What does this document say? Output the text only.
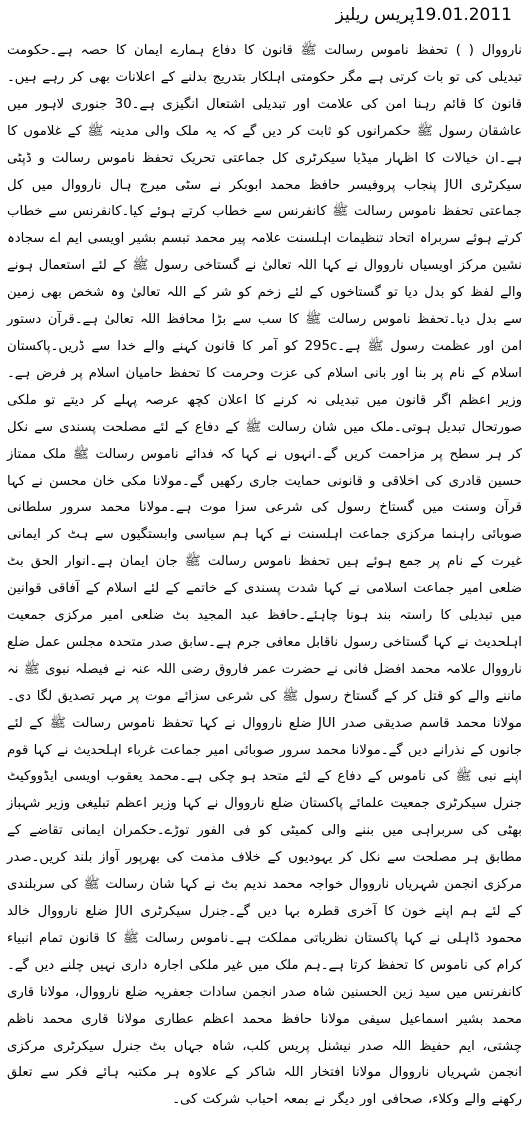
پریس ریلیز19.01.2011

نارووال ( ) تحفظ ناموس رسالت ﷺ قانون کا دفاع ہمارے ایمان کا حصہ ہے۔حکومت تبدیلی کی تو بات کرتی ہے مگر حکومتی اہلکار بتدریج بدلنے کے اعلانات بھی کر رہے ہیں۔قانون کا قائم رہنا امن کی علامت اور تبدیلی اشتعال انگیزی ہے۔30 جنوری لاہور میں عاشقان رسول ﷺ حکمرانوں کو ثابت کر دیں گے کہ یہ ملک والی مدینہ ﷺ کے غلاموں کا ہے۔ان خیالات کا اظہار میڈیا سیکرٹری کل جماعتی تحریک تحفظ ناموس رسالت و ڈپٹی سیکرٹری JUI پنجاب پروفیسر حافظ محمد ابوبکر نے سٹی میرج ہال نارووال میں کل جماعتی تحفظ ناموس رسالت ﷺ کانفرنس سے خطاب کرتے ہوئے کیا۔کانفرنس سے خطاب کرتے ہوئے سربراہ اتحاد تنظیمات اہلسنت علامہ پیر محمد تبسم بشیر اویسی ایم اے سجادہ نشین مرکز اویسیاں نارووال نے کہا اللہ تعالیٰ نے گستاخی رسول ﷺ کے لئے استعمال ہونے والے لفظ کو بدل دیا تو گستاخوں کے لئے زخم کو شر کے اللہ تعالیٰ وہ شخص بھی زمین سے بدل دیا۔تحفظ ناموس رسالت ﷺ کا سب سے بڑا محافظ اللہ تعالیٰ ہے۔قرآن دستور امن اور عظمت رسول ﷺ ہے۔295c کو آمر کا قانون کہنے والے خدا سے ڈریں۔پاکستان اسلام کے نام پر بنا اور بانی اسلام کی عزت وحرمت کا تحفظ حامیان اسلام پر فرض ہے۔وزیر اعظم اگر قانون میں تبدیلی نہ کرنے کا اعلان کچھ عرصہ پہلے کر دیتے تو ملکی صورتحال تبدیل ہوتی۔ملک میں شان رسالت ﷺ کے دفاع کے لئے مصلحت پسندی سے نکل کر ہر سطح پر مزاحمت کریں گے۔انہوں نے کہا کہ فدائے ناموس رسالت ﷺ ملک ممتاز حسین قادری کی اخلاقی و قانونی حمایت جاری رکھیں گے۔مولانا مکی خان محسن نے کہا قرآن وسنت میں گستاخ رسول کی شرعی سزا موت ہے۔مولانا محمد سرور سلطانی صوبائی راہنما مرکزی جماعت اہلسنت نے کہا ہم سیاسی وابستگیوں سے ہٹ کر ایمانی غیرت کے نام پر جمع ہوئے ہیں تحفظ ناموس رسالت ﷺ جان ایمان ہے۔انوار الحق بٹ ضلعی امیر جماعت اسلامی نے کہا شدت پسندی کے خاتمے کے لئے اسلام کے آفاقی قوانین میں تبدیلی کا راستہ بند ہونا چاہئے۔حافظ عبد المجید بٹ ضلعی امیر مرکزی جمعیت اہلحدیث نے کہا گستاخی رسول ناقابل معافی جرم ہے۔سابق صدر متحدہ مجلس عمل ضلع نارووال علامہ محمد افضل فانی نے حضرت عمر فاروق رضی اللہ عنہ نے فیصلہ نبوی ﷺ نہ ماننے والے کو قتل کر کے گستاخ رسول ﷺ کی شرعی سزائے موت پر مہر تصدیق لگا دی۔مولانا محمد قاسم صدیقی صدر JUI ضلع نارووال نے کہا تحفظ ناموس رسالت ﷺ کے لئے جانوں کے نذرانے دیں گے۔مولانا محمد سرور صوبائی امیر جماعت غرباء اہلحدیث نے کہا قوم اپنے نبی ﷺ کی ناموس کے دفاع کے لئے متحد ہو چکی ہے۔محمد یعقوب اویسی ایڈووکیٹ جنرل سیکرٹری جمعیت علمائے پاکستان ضلع نارووال نے کہا وزیر اعظم تبلیغی وزیر شہباز بھٹی کی سربراہی میں بننے والی کمیٹی کو فی الفور توڑے۔حکمران ایمانی تقاضے کے مطابق ہر مصلحت سے نکل کر یہودیوں کے خلاف مذمت کی بھرپور آواز بلند کریں۔صدر مرکزی انجمن شہریاں نارووال خواجہ محمد ندیم بٹ نے کہا شان رسالت ﷺ کی سربلندی کے لئے ہم اپنے خون کا آخری قطرہ بہا دیں گے۔جنرل سیکرٹری JUI ضلع نارووال خالد محمود ڈاہلی نے کہا پاکستان نظریاتی مملکت ہے۔ناموس رسالت ﷺ کا قانون تمام انبیاء کرام کی ناموس کا تحفظ کرتا ہے۔ہم ملک میں غیر ملکی اجارہ داری نہیں چلنے دیں گے۔کانفرنس میں سید زین الحسنین شاہ صدر انجمن سادات جعفریہ ضلع نارووال، مولانا قاری محمد بشیر اسماعیل سیفی مولانا حافظ محمد اعظم عطاری مولانا قاری محمد ناظم چشتی، ایم حفیظ اللہ صدر نیشنل پریس کلب، شاہ جہاں بٹ جنرل سیکرٹری مرکزی انجمن شہریاں نارووال مولانا افتخار اللہ شاکر کے علاوہ ہر مکتبہ ہائے فکر سے تعلق رکھنے والے وکلاء، صحافی اور دیگر نے بمعہ احباب شرکت کی۔
